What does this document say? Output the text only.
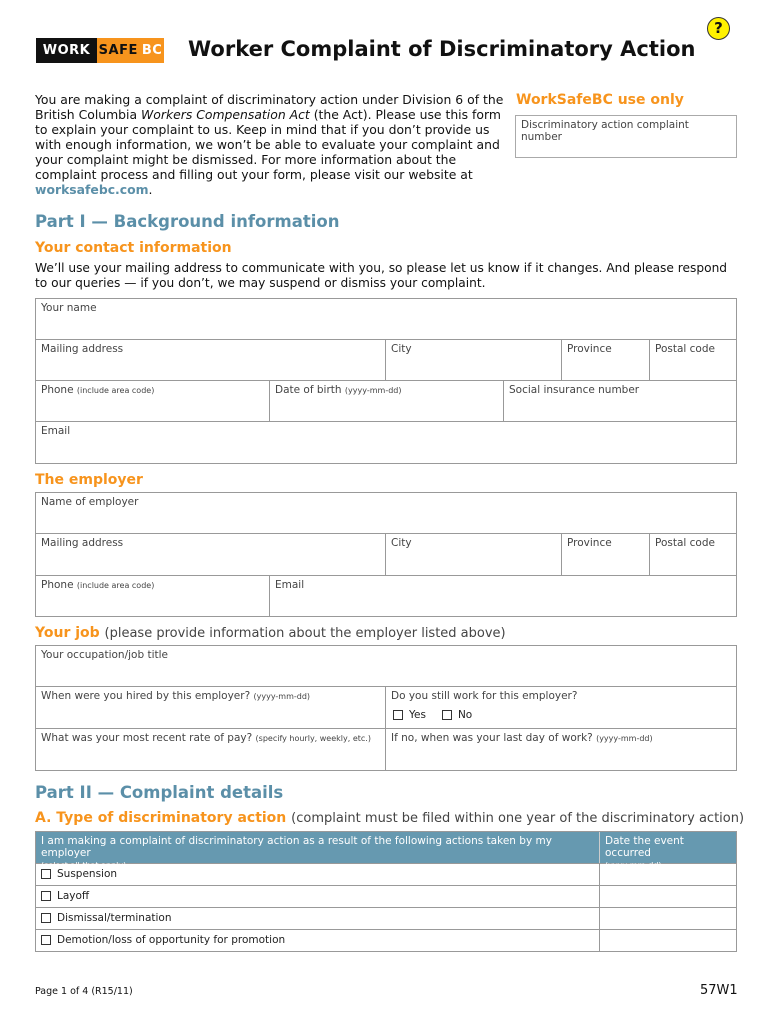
WORK SAFE BC Worker Complaint of Discriminatory Action
?
You are making a complaint of discriminatory action under Division 6 of the British Columbia Workers Compensation Act (the Act). Please use this form to explain your complaint to us. Keep in mind that if you don’t provide us with enough information, we won’t be able to evaluate your complaint and your complaint might be dismissed. For more information about the complaint process and filling out your form, please visit our website at worksafebc.com.
WorkSafeBC use only
Discriminatory action complaint number
Part I — Background information
Your contact information
We’ll use your mailing address to communicate with you, so please let us know if it changes. And please respond to our queries — if you don’t, we may suspend or dismiss your complaint.
Your name
Mailing address	City	Province	Postal code
Phone (include area code)	Date of birth (yyyy-mm-dd)	Social insurance number
Email
The employer
Name of employer
Mailing address	City	Province	Postal code
Phone (include area code)	Email
Your job (please provide information about the employer listed above)
Your occupation/job title
When were you hired by this employer? (yyyy-mm-dd)	Do you still work for this employer?
Yes	No
What was your most recent rate of pay? (specify hourly, weekly, etc.)	If no, when was your last day of work? (yyyy-mm-dd)
Part II — Complaint details
A. Type of discriminatory action (complaint must be filed within one year of the discriminatory action)
I am making a complaint of discriminatory action as a result of the following actions taken by my employer
(select all that apply)
Date the event occurred
(yyyy-mm-dd)
Suspension
Layoff
Dismissal/termination
Demotion/loss of opportunity for promotion
Page 1 of 4 (R15/11)	57W1
